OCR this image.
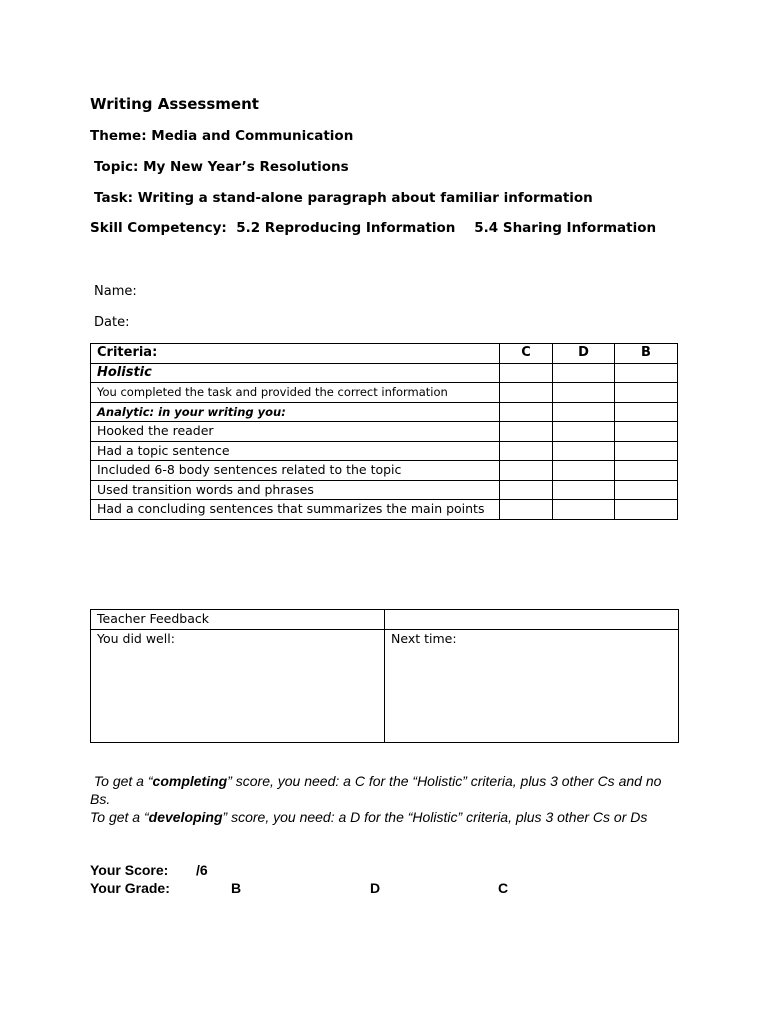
Writing Assessment
Theme: Media and Communication
Topic: My New Year’s Resolutions
Task: Writing a stand-alone paragraph about familiar information
Skill Competency: 5.2 Reproducing Information 5.4 Sharing Information
Name:
Date:
Criteria:	C	D	B
Holistic			
You completed the task and provided the correct information			
Analytic: in your writing you:			
Hooked the reader			
Had a topic sentence			
Included 6-8 body sentences related to the topic			
Used transition words and phrases			
Had a concluding sentences that summarizes the main points			
Teacher Feedback	
You did well:	Next time:
To get a “completing” score, you need: a C for the “Holistic” criteria, plus 3 other Cs and no Bs.
To get a “developing” score, you need: a D for the “Holistic” criteria, plus 3 other Cs or Ds
Your Score: /6
Your Grade:	B	D	C
